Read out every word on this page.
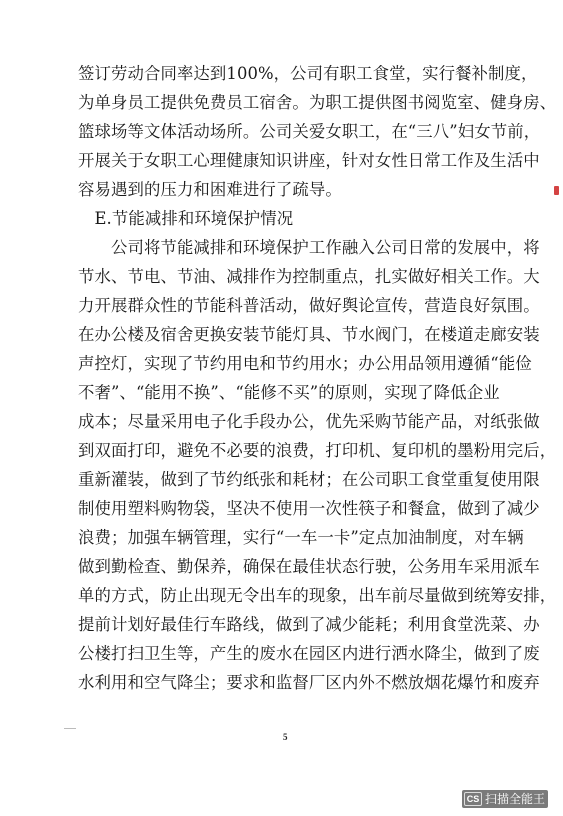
签订劳动合同率达到100%，公司有职工食堂，实行餐补制度，
为单身员工提供免费员工宿舍。为职工提供图书阅览室、健身房、
篮球场等文体活动场所。公司关爱女职工，在“三八”妇女节前，
开展关于女职工心理健康知识讲座，针对女性日常工作及生活中
容易遇到的压力和困难进行了疏导。
　E.节能减排和环境保护情况
　　公司将节能减排和环境保护工作融入公司日常的发展中，将
节水、节电、节油、减排作为控制重点，扎实做好相关工作。大
力开展群众性的节能科普活动，做好舆论宣传，营造良好氛围。
在办公楼及宿舍更换安装节能灯具、节水阀门，在楼道走廊安装
声控灯，实现了节约用电和节约用水；办公用品领用遵循“能俭
不奢”、“能用不换”、“能修不买”的原则，实现了降低企业
成本；尽量采用电子化手段办公，优先采购节能产品，对纸张做
到双面打印，避免不必要的浪费，打印机、复印机的墨粉用完后，
重新灌装，做到了节约纸张和耗材；在公司职工食堂重复使用限
制使用塑料购物袋，坚决不使用一次性筷子和餐盒，做到了减少
浪费；加强车辆管理，实行“一车一卡”定点加油制度，对车辆
做到勤检查、勤保养，确保在最佳状态行驶，公务用车采用派车
单的方式，防止出现无令出车的现象，出车前尽量做到统筹安排，
提前计划好最佳行车路线，做到了减少能耗；利用食堂洗菜、办
公楼打扫卫生等，产生的废水在园区内进行洒水降尘，做到了废
水利用和空气降尘；要求和监督厂区内外不燃放烟花爆竹和废弃
5
CS 扫描全能王
